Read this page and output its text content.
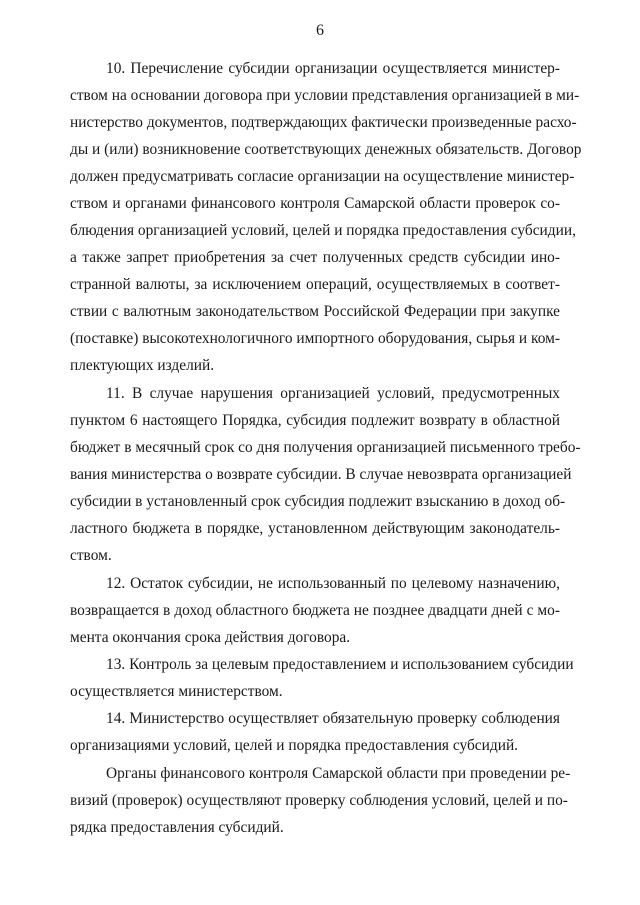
6
10. Перечисление субсидии организации осуществляется министер-
ством на основании договора при условии представления организацией в ми-
нистерство документов, подтверждающих фактически произведенные расхо-
ды и (или) возникновение соответствующих денежных обязательств. Договор
должен предусматривать согласие организации на осуществление министер-
ством и органами финансового контроля Самарской области проверок со-
блюдения организацией условий, целей и порядка предоставления субсидии,
а также запрет приобретения за счет полученных средств субсидии ино-
странной валюты, за исключением операций, осуществляемых в соответ-
ствии с валютным законодательством Российской Федерации при закупке
(поставке) высокотехнологичного импортного оборудования, сырья и ком-
плектующих изделий.
11. В случае нарушения организацией условий, предусмотренных
пунктом 6 настоящего Порядка, субсидия подлежит возврату в областной
бюджет в месячный срок со дня получения организацией письменного требо-
вания министерства о возврате субсидии. В случае невозврата организацией
субсидии в установленный срок субсидия подлежит взысканию в доход об-
ластного бюджета в порядке, установленном действующим законодатель-
ством.
12. Остаток субсидии, не использованный по целевому назначению,
возвращается в доход областного бюджета не позднее двадцати дней с мо-
мента окончания срока действия договора.
13. Контроль за целевым предоставлением и использованием субсидии
осуществляется министерством.
14. Министерство осуществляет обязательную проверку соблюдения
организациями условий, целей и порядка предоставления субсидий.
Органы финансового контроля Самарской области при проведении ре-
визий (проверок) осуществляют проверку соблюдения условий, целей и по-
рядка предоставления субсидий.
